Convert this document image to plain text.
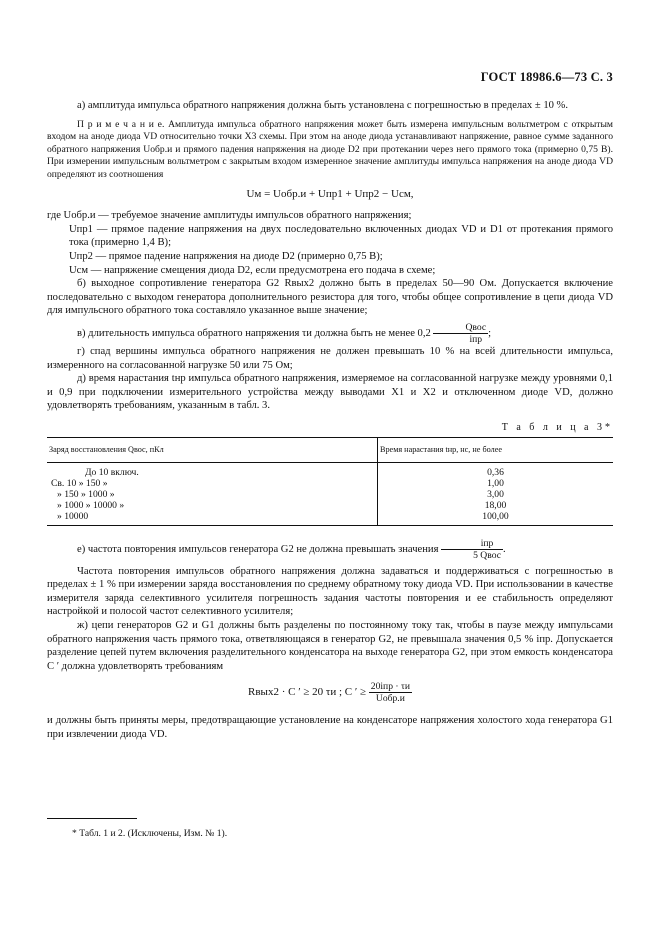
ГОСТ 18986.6—73 С. 3

а) амплитуда импульса обратного напряжения должна быть установлена с погрешностью в пределах ± 10 %.

П р и м е ч а н и е. Амплитуда импульса обратного напряжения может быть измерена импульсным вольтметром с открытым входом на аноде диода VD относительно точки X3 схемы. При этом на аноде диода устанавливают напряжение, равное сумме заданного обратного напряжения Uобр.и и прямого падения напряжения на диоде D2 при протекании через него прямого тока (примерно 0,75 В). При измерении импульсным вольтметром с закрытым входом измеренное значение амплитуды импульса напряжения на аноде диода VD определяют из соотношения

Uм = Uобр.и + Uпр1 + Uпр2 − Uсм,

где Uобр.и — требуемое значение амплитуды импульсов обратного напряжения;

Uпр1 — прямое падение напряжения на двух последовательно включенных диодах VD и D1 от протекания прямого тока (примерно 1,4 В);

Uпр2 — прямое падение напряжения на диоде D2 (примерно 0,75 В);

Uсм — напряжение смещения диода D2, если предусмотрена его подача в схеме;

б) выходное сопротивление генератора G2 Rвых2 должно быть в пределах 50—90 Ом. Допускается включение последовательно с выходом генератора дополнительного резистора для того, чтобы общее сопротивление в цепи диода VD для импульсного обратного тока составляло указанное выше значение;

в) длительность импульса обратного напряжения τи должна быть не менее $0,2 \frac{\text{Qвос}}{\text{iпр}}$ ;

г) спад вершины импульса обратного напряжения не должен превышать 10 % на всей длительности импульса, измеренного на согласованной нагрузке 50 или 75 Ом;

д) время нарастания tнр импульса обратного напряжения, измеряемое на согласованной нагрузке между уровнями 0,1 и 0,9 при подключении измерительного устройства между выводами X1 и X2 и отключенном диоде VD, должно удовлетворять требованиям, указанным в табл. 3.

Т а б л и ц а 3*
Заряд восстановления Qвос, пКл	Время нарастания tнр, нс, не более
До 10 включ.	0,36
Св. 10 » 150 »	1,00
» 150 » 1000 »	3,00
» 1000 » 10000 »	18,00
» 10000	100,00

е) частота повторения импульсов генератора G2 не должна превышать значения $\frac{\text{iпр}}{\text{5 Qвос}}$ .

Частота повторения импульсов обратного напряжения должна задаваться и поддерживаться с погрешностью в пределах ± 1 % при измерении заряда восстановления по среднему обратному току диода VD. При использовании в качестве измерителя заряда селективного усилителя погрешность задания частоты повторения и ее стабильность определяют настройкой и полосой частот селективного усилителя;

ж) цепи генераторов G2 и G1 должны быть разделены по постоянному току так, чтобы в паузе между импульсами обратного напряжения часть прямого тока, ответвляющаяся в генератор G2, не превышала значения 0,5 % iпр. Допускается разделение цепей путем включения разделительного конденсатора на выходе генератора G2, при этом емкость конденсатора C ′ должна удовлетворять требованиям

Rвых2 · C ′ ≥ 20 τи ; C ′ ≥ $\frac{\text{20iпр · τи}}{\text{Uобр.и}}$

и должны быть приняты меры, предотвращающие установление на конденсаторе напряжения холостого хода генератора G1 при извлечении диода VD.

* Табл. 1 и 2. (Исключены, Изм. № 1).
